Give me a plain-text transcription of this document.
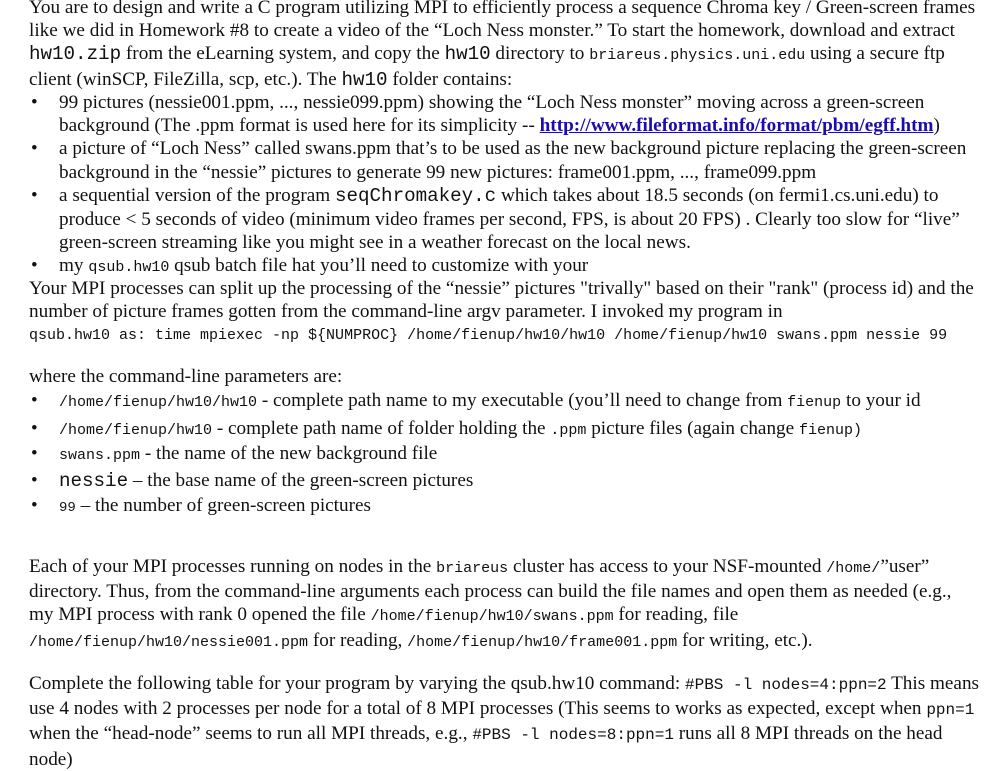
You are to design and write a C program utilizing MPI to efficiently process a sequence Chroma key / Green-screen frames like we did in Homework #8 to create a video of the “Loch Ness monster.” To start the homework, download and extract hw10.zip from the eLearning system, and copy the hw10 directory to briareus.physics.uni.edu using a secure ftp client (winSCP, FileZilla, scp, etc.). The hw10 folder contains:
• 99 pictures (nessie001.ppm, ..., nessie099.ppm) showing the “Loch Ness monster” moving across a green-screen background (The .ppm format is used here for its simplicity -- http://www.fileformat.info/format/pbm/egff.htm)
• a picture of “Loch Ness” called swans.ppm that’s to be used as the new background picture replacing the green-screen background in the “nessie” pictures to generate 99 new pictures: frame001.ppm, ..., frame099.ppm
• a sequential version of the program seqChromakey.c which takes about 18.5 seconds (on fermi1.cs.uni.edu) to produce < 5 seconds of video (minimum video frames per second, FPS, is about 20 FPS) . Clearly too slow for “live” green-screen streaming like you might see in a weather forecast on the local news.
• my qsub.hw10 qsub batch file hat you’ll need to customize with your
Your MPI processes can split up the processing of the “nessie” pictures "trivally" based on their "rank" (process id) and the number of picture frames gotten from the command-line argv parameter. I invoked my program in
qsub.hw10 as: time mpiexec -np ${NUMPROC} /home/fienup/hw10/hw10 /home/fienup/hw10 swans.ppm nessie 99
where the command-line parameters are:
• /home/fienup/hw10/hw10 - complete path name to my executable (you’ll need to change from fienup to your id
• /home/fienup/hw10 - complete path name of folder holding the .ppm picture files (again change fienup)
• swans.ppm - the name of the new background file
• nessie – the base name of the green-screen pictures
• 99 – the number of green-screen pictures
Each of your MPI processes running on nodes in the briareus cluster has access to your NSF-mounted /home/”user” directory. Thus, from the command-line arguments each process can build the file names and open them as needed (e.g., my MPI process with rank 0 opened the file /home/fienup/hw10/swans.ppm for reading, file /home/fienup/hw10/nessie001.ppm for reading, /home/fienup/hw10/frame001.ppm for writing, etc.).
Complete the following table for your program by varying the qsub.hw10 command: #PBS -l nodes=4:ppn=2 This means use 4 nodes with 2 processes per node for a total of 8 MPI processes (This seems to works as expected, except when ppn=1 when the “head-node” seems to run all MPI threads, e.g., #PBS -l nodes=8:ppn=1 runs all 8 MPI threads on the head node)
